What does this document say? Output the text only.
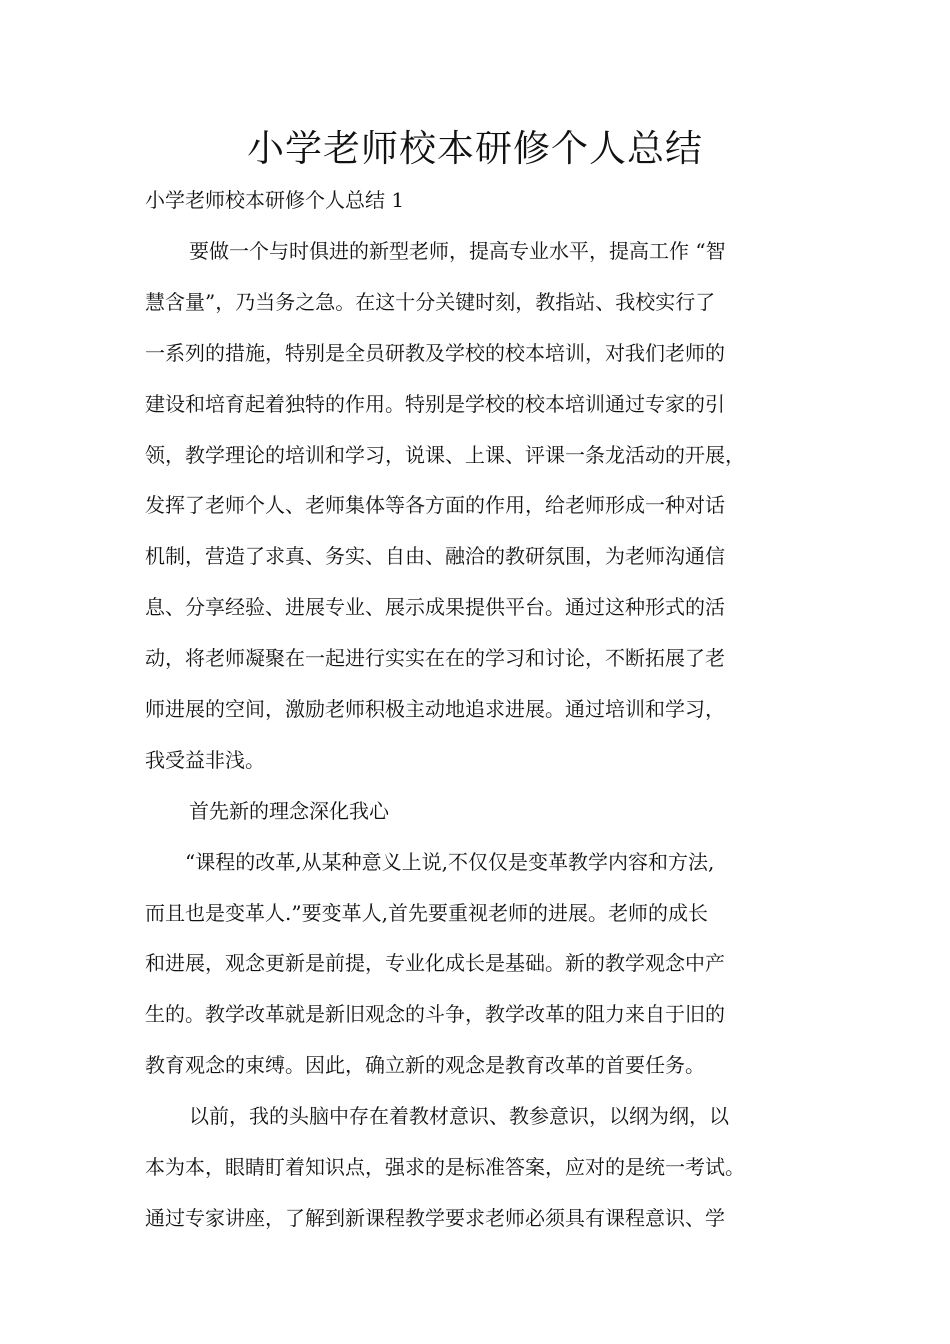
小学老师校本研修个人总结
小学老师校本研修个人总结 1
要做一个与时俱进的新型老师，提高专业水平，提高工作 “智
慧含量”，乃当务之急。在这十分关键时刻，教指站、我校实行了
一系列的措施，特别是全员研教及学校的校本培训，对我们老师的
建设和培育起着独特的作用。特别是学校的校本培训通过专家的引
领，教学理论的培训和学习，说课、上课、评课一条龙活动的开展，
发挥了老师个人、老师集体等各方面的作用，给老师形成一种对话
机制，营造了求真、务实、自由、融洽的教研氛围，为老师沟通信
息、分享经验、进展专业、展示成果提供平台。通过这种形式的活
动，将老师凝聚在一起进行实实在在的学习和讨论，不断拓展了老
师进展的空间，激励老师积极主动地追求进展。通过培训和学习，
我受益非浅。
首先新的理念深化我心
“课程的改革,从某种意义上说,不仅仅是变革教学内容和方法,
而且也是变革人.”要变革人,首先要重视老师的进展。老师的成长
和进展，观念更新是前提，专业化成长是基础。新的教学观念中产
生的。教学改革就是新旧观念的斗争，教学改革的阻力来自于旧的
教育观念的束缚。因此，确立新的观念是教育改革的首要任务。
以前，我的头脑中存在着教材意识、教参意识，以纲为纲，以
本为本，眼睛盯着知识点，强求的是标准答案，应对的是统一考试。
通过专家讲座，了解到新课程教学要求老师必须具有课程意识、学
